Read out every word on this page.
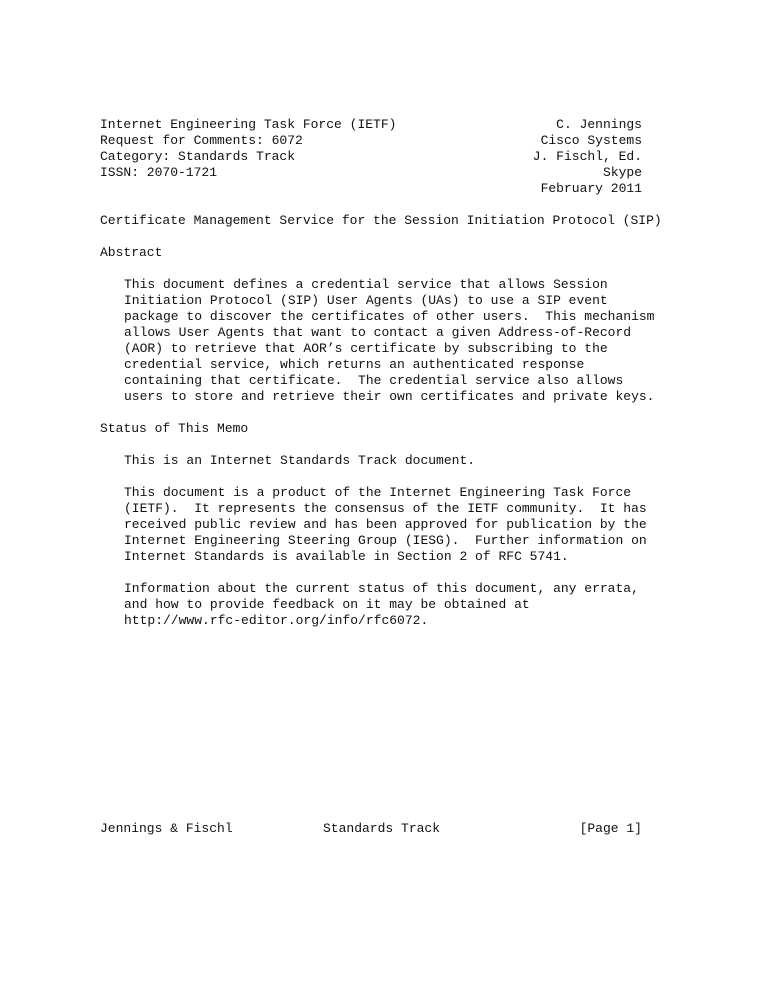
Internet Engineering Task Force (IETF)
Request for Comments: 6072
Category: Standards Track
ISSN: 2070-1721
C. Jennings
Cisco Systems
J. Fischl, Ed.
Skype
February 2011
Certificate Management Service for the Session Initiation Protocol (SIP)
Abstract
This document defines a credential service that allows Session
Initiation Protocol (SIP) User Agents (UAs) to use a SIP event
package to discover the certificates of other users.  This mechanism
allows User Agents that want to contact a given Address-of-Record
(AOR) to retrieve that AOR’s certificate by subscribing to the
credential service, which returns an authenticated response
containing that certificate.  The credential service also allows
users to store and retrieve their own certificates and private keys.
Status of This Memo
This is an Internet Standards Track document.
This document is a product of the Internet Engineering Task Force
(IETF).  It represents the consensus of the IETF community.  It has
received public review and has been approved for publication by the
Internet Engineering Steering Group (IESG).  Further information on
Internet Standards is available in Section 2 of RFC 5741.
Information about the current status of this document, any errata,
and how to provide feedback on it may be obtained at
http://www.rfc-editor.org/info/rfc6072.
Jennings & Fischl	Standards Track	[Page 1]
